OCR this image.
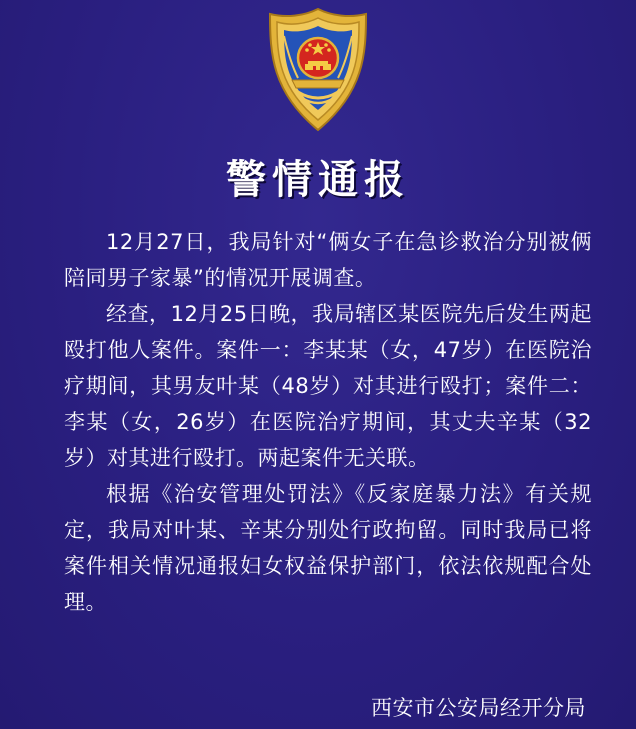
警情通报

12月27日，我局针对“俩女子在急诊救治分别被俩陪同男子家暴”的情况开展调查。

经查，12月25日晚，我局辖区某医院先后发生两起殴打他人案件。案件一：李某某（女，47岁）在医院治疗期间，其男友叶某（48岁）对其进行殴打；案件二：李某（女，26岁）在医院治疗期间，其丈夫辛某（32岁）对其进行殴打。两起案件无关联。

根据《治安管理处罚法》《反家庭暴力法》有关规定，我局对叶某、辛某分别处行政拘留。同时我局已将案件相关情况通报妇女权益保护部门，依法依规配合处理。

西安市公安局经开分局
